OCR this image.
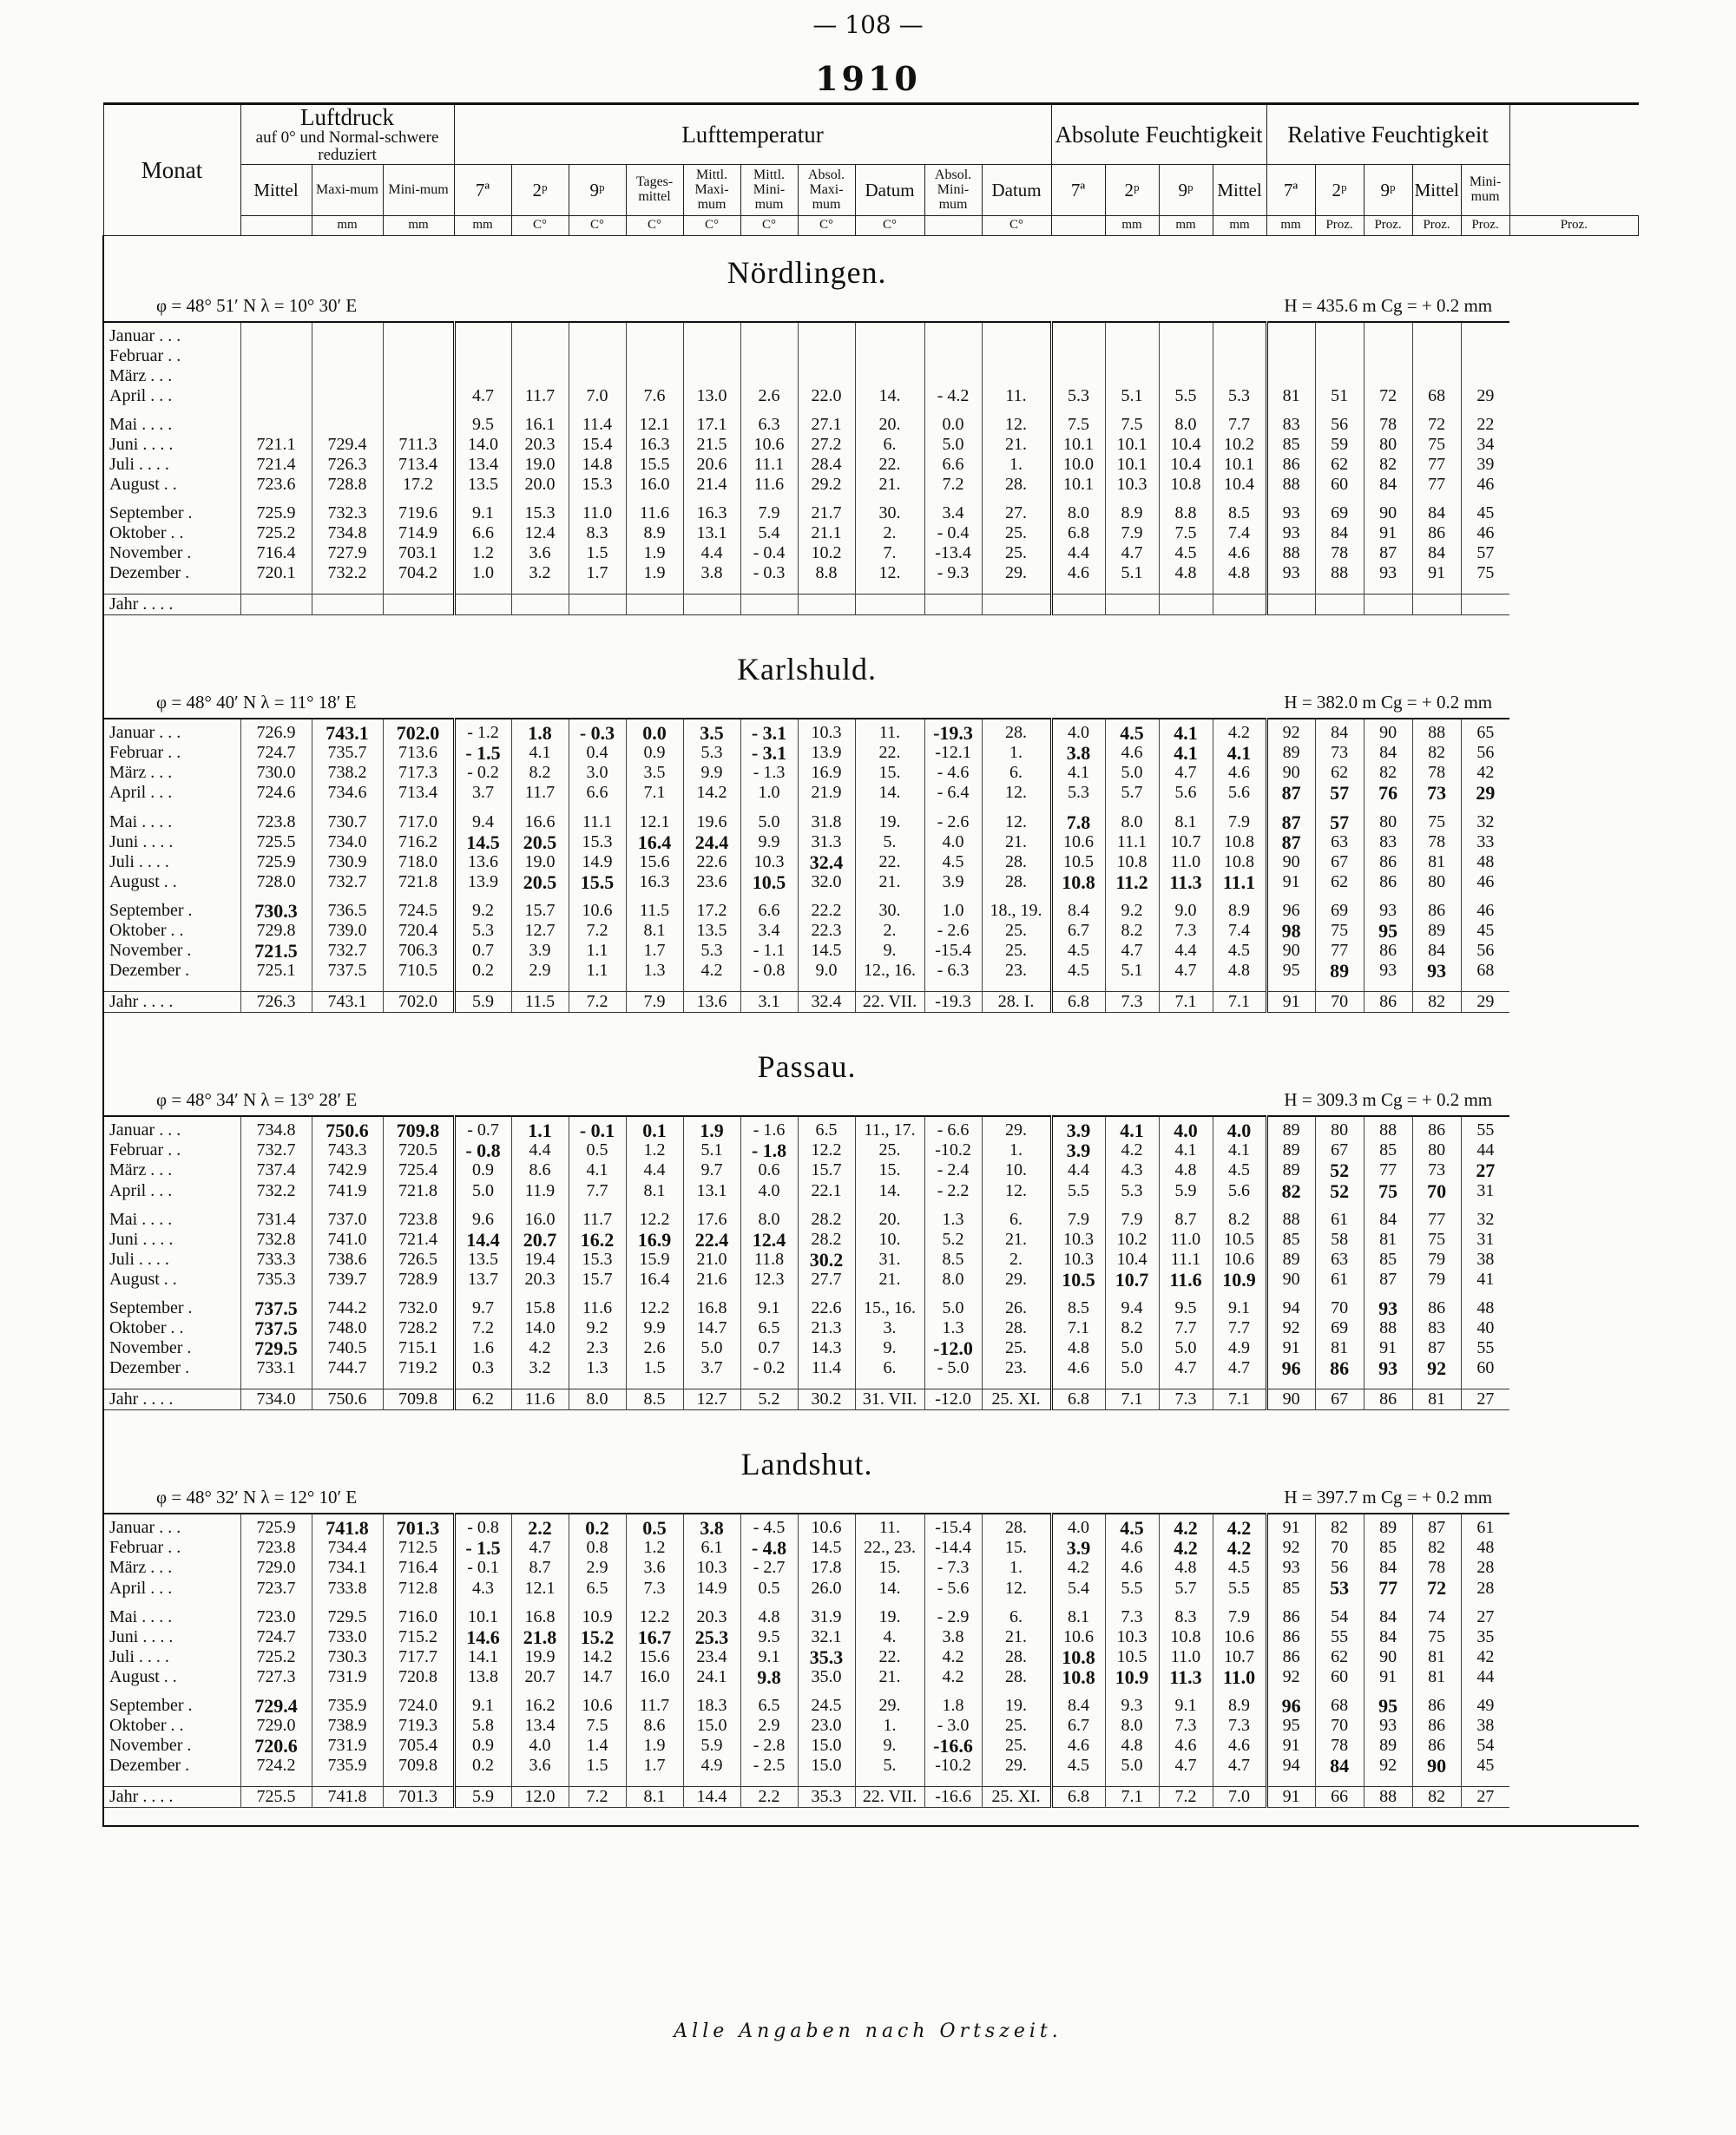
— 108 —
1910
Monat	Luftdruck
auf 0° und Normal-schwere reduziert			Lufttemperatur										Absolute Feuchtigkeit				Relative Feuchtigkeit					
	Mittel	Maxi-mum	Mini-mum	7ª	2ᵖ	9ᵖ	Tages-mittel	Mittl. Maxi-mum	Mittl. Mini-mum	Absol. Maxi-mum	Datum	Absol. Mini-mum	Datum	7ª	2ᵖ	9ᵖ	Mittel	7ª	2ᵖ	9ᵖ	Mittel	Mini-mum	
		mm	mm	mm	C°	C°	C°	C°	C°	C°	C°		C°		mm	mm	mm	mm	Proz.	Proz.	Proz.	Proz.	Proz.
Nördlingen.																							
φ = 48° 51′ N λ = 10° 30′ E								H = 435.6 m Cg = + 0.2 mm															

Januar . . .																							
Februar . .																							
März . . .																							
April . . .				4.7	11.7	7.0	7.6	13.0	2.6	22.0	14.	- 4.2	11.	5.3	5.1	5.5	5.3	81	51	72	68	29	

Mai . . . .				9.5	16.1	11.4	12.1	17.1	6.3	27.1	20.	0.0	12.	7.5	7.5	8.0	7.7	83	56	78	72	22	
Juni . . . .	721.1	729.4	711.3	14.0	20.3	15.4	16.3	21.5	10.6	27.2	6.	5.0	21.	10.1	10.1	10.4	10.2	85	59	80	75	34	
Juli . . . .	721.4	726.3	713.4	13.4	19.0	14.8	15.5	20.6	11.1	28.4	22.	6.6	1.	10.0	10.1	10.4	10.1	86	62	82	77	39	
August . .	723.6	728.8	17.2	13.5	20.0	15.3	16.0	21.4	11.6	29.2	21.	7.2	28.	10.1	10.3	10.8	10.4	88	60	84	77	46	

September .	725.9	732.3	719.6	9.1	15.3	11.0	11.6	16.3	7.9	21.7	30.	3.4	27.	8.0	8.9	8.8	8.5	93	69	90	84	45	
Oktober . .	725.2	734.8	714.9	6.6	12.4	8.3	8.9	13.1	5.4	21.1	2.	- 0.4	25.	6.8	7.9	7.5	7.4	93	84	91	86	46	
November .	716.4	727.9	703.1	1.2	3.6	1.5	1.9	4.4	- 0.4	10.2	7.	-13.4	25.	4.4	4.7	4.5	4.6	88	78	87	84	57	
Dezember .	720.1	732.2	704.2	1.0	3.2	1.7	1.9	3.8	- 0.3	8.8	12.	- 9.3	29.	4.6	5.1	4.8	4.8	93	88	93	91	75	

Jahr . . . .																							

Karlshuld.																							
φ = 48° 40′ N λ = 11° 18′ E								H = 382.0 m Cg = + 0.2 mm															

Januar . . .	726.9	743.1	702.0	- 1.2	1.8	- 0.3	0.0	3.5	- 3.1	10.3	11.	-19.3	28.	4.0	4.5	4.1	4.2	92	84	90	88	65	
Februar . .	724.7	735.7	713.6	- 1.5	4.1	0.4	0.9	5.3	- 3.1	13.9	22.	-12.1	1.	3.8	4.6	4.1	4.1	89	73	84	82	56	
März . . .	730.0	738.2	717.3	- 0.2	8.2	3.0	3.5	9.9	- 1.3	16.9	15.	- 4.6	6.	4.1	5.0	4.7	4.6	90	62	82	78	42	
April . . .	724.6	734.6	713.4	3.7	11.7	6.6	7.1	14.2	1.0	21.9	14.	- 6.4	12.	5.3	5.7	5.6	5.6	87	57	76	73	29	

Mai . . . .	723.8	730.7	717.0	9.4	16.6	11.1	12.1	19.6	5.0	31.8	19.	- 2.6	12.	7.8	8.0	8.1	7.9	87	57	80	75	32	
Juni . . . .	725.5	734.0	716.2	14.5	20.5	15.3	16.4	24.4	9.9	31.3	5.	4.0	21.	10.6	11.1	10.7	10.8	87	63	83	78	33	
Juli . . . .	725.9	730.9	718.0	13.6	19.0	14.9	15.6	22.6	10.3	32.4	22.	4.5	28.	10.5	10.8	11.0	10.8	90	67	86	81	48	
August . .	728.0	732.7	721.8	13.9	20.5	15.5	16.3	23.6	10.5	32.0	21.	3.9	28.	10.8	11.2	11.3	11.1	91	62	86	80	46	

September .	730.3	736.5	724.5	9.2	15.7	10.6	11.5	17.2	6.6	22.2	30.	1.0	18., 19.	8.4	9.2	9.0	8.9	96	69	93	86	46	
Oktober . .	729.8	739.0	720.4	5.3	12.7	7.2	8.1	13.5	3.4	22.3	2.	- 2.6	25.	6.7	8.2	7.3	7.4	98	75	95	89	45	
November .	721.5	732.7	706.3	0.7	3.9	1.1	1.7	5.3	- 1.1	14.5	9.	-15.4	25.	4.5	4.7	4.4	4.5	90	77	86	84	56	
Dezember .	725.1	737.5	710.5	0.2	2.9	1.1	1.3	4.2	- 0.8	9.0	12., 16.	- 6.3	23.	4.5	5.1	4.7	4.8	95	89	93	93	68	

Jahr . . . .	726.3	743.1	702.0	5.9	11.5	7.2	7.9	13.6	3.1	32.4	22. VII.	-19.3	28. I.	6.8	7.3	7.1	7.1	91	70	86	82	29	

Passau.																							
φ = 48° 34′ N λ = 13° 28′ E								H = 309.3 m Cg = + 0.2 mm															

Januar . . .	734.8	750.6	709.8	- 0.7	1.1	- 0.1	0.1	1.9	- 1.6	6.5	11., 17.	- 6.6	29.	3.9	4.1	4.0	4.0	89	80	88	86	55	
Februar . .	732.7	743.3	720.5	- 0.8	4.4	0.5	1.2	5.1	- 1.8	12.2	25.	-10.2	1.	3.9	4.2	4.1	4.1	89	67	85	80	44	
März . . .	737.4	742.9	725.4	0.9	8.6	4.1	4.4	9.7	0.6	15.7	15.	- 2.4	10.	4.4	4.3	4.8	4.5	89	52	77	73	27	
April . . .	732.2	741.9	721.8	5.0	11.9	7.7	8.1	13.1	4.0	22.1	14.	- 2.2	12.	5.5	5.3	5.9	5.6	82	52	75	70	31	

Mai . . . .	731.4	737.0	723.8	9.6	16.0	11.7	12.2	17.6	8.0	28.2	20.	1.3	6.	7.9	7.9	8.7	8.2	88	61	84	77	32	
Juni . . . .	732.8	741.0	721.4	14.4	20.7	16.2	16.9	22.4	12.4	28.2	10.	5.2	21.	10.3	10.2	11.0	10.5	85	58	81	75	31	
Juli . . . .	733.3	738.6	726.5	13.5	19.4	15.3	15.9	21.0	11.8	30.2	31.	8.5	2.	10.3	10.4	11.1	10.6	89	63	85	79	38	
August . .	735.3	739.7	728.9	13.7	20.3	15.7	16.4	21.6	12.3	27.7	21.	8.0	29.	10.5	10.7	11.6	10.9	90	61	87	79	41	

September .	737.5	744.2	732.0	9.7	15.8	11.6	12.2	16.8	9.1	22.6	15., 16.	5.0	26.	8.5	9.4	9.5	9.1	94	70	93	86	48	
Oktober . .	737.5	748.0	728.2	7.2	14.0	9.2	9.9	14.7	6.5	21.3	3.	1.3	28.	7.1	8.2	7.7	7.7	92	69	88	83	40	
November .	729.5	740.5	715.1	1.6	4.2	2.3	2.6	5.0	0.7	14.3	9.	-12.0	25.	4.8	5.0	5.0	4.9	91	81	91	87	55	
Dezember .	733.1	744.7	719.2	0.3	3.2	1.3	1.5	3.7	- 0.2	11.4	6.	- 5.0	23.	4.6	5.0	4.7	4.7	96	86	93	92	60	

Jahr . . . .	734.0	750.6	709.8	6.2	11.6	8.0	8.5	12.7	5.2	30.2	31. VII.	-12.0	25. XI.	6.8	7.1	7.3	7.1	90	67	86	81	27	

Landshut.																							
φ = 48° 32′ N λ = 12° 10′ E								H = 397.7 m Cg = + 0.2 mm															

Januar . . .	725.9	741.8	701.3	- 0.8	2.2	0.2	0.5	3.8	- 4.5	10.6	11.	-15.4	28.	4.0	4.5	4.2	4.2	91	82	89	87	61	
Februar . .	723.8	734.4	712.5	- 1.5	4.7	0.8	1.2	6.1	- 4.8	14.5	22., 23.	-14.4	15.	3.9	4.6	4.2	4.2	92	70	85	82	48	
März . . .	729.0	734.1	716.4	- 0.1	8.7	2.9	3.6	10.3	- 2.7	17.8	15.	- 7.3	1.	4.2	4.6	4.8	4.5	93	56	84	78	28	
April . . .	723.7	733.8	712.8	4.3	12.1	6.5	7.3	14.9	0.5	26.0	14.	- 5.6	12.	5.4	5.5	5.7	5.5	85	53	77	72	28	

Mai . . . .	723.0	729.5	716.0	10.1	16.8	10.9	12.2	20.3	4.8	31.9	19.	- 2.9	6.	8.1	7.3	8.3	7.9	86	54	84	74	27	
Juni . . . .	724.7	733.0	715.2	14.6	21.8	15.2	16.7	25.3	9.5	32.1	4.	3.8	21.	10.6	10.3	10.8	10.6	86	55	84	75	35	
Juli . . . .	725.2	730.3	717.7	14.1	19.9	14.2	15.6	23.4	9.1	35.3	22.	4.2	28.	10.8	10.5	11.0	10.7	86	62	90	81	42	
August . .	727.3	731.9	720.8	13.8	20.7	14.7	16.0	24.1	9.8	35.0	21.	4.2	28.	10.8	10.9	11.3	11.0	92	60	91	81	44	

September .	729.4	735.9	724.0	9.1	16.2	10.6	11.7	18.3	6.5	24.5	29.	1.8	19.	8.4	9.3	9.1	8.9	96	68	95	86	49	
Oktober . .	729.0	738.9	719.3	5.8	13.4	7.5	8.6	15.0	2.9	23.0	1.	- 3.0	25.	6.7	8.0	7.3	7.3	95	70	93	86	38	
November .	720.6	731.9	705.4	0.9	4.0	1.4	1.9	5.9	- 2.8	15.0	9.	-16.6	25.	4.6	4.8	4.6	4.6	91	78	89	86	54	
Dezember .	724.2	735.9	709.8	0.2	3.6	1.5	1.7	4.9	- 2.5	15.0	5.	-10.2	29.	4.5	5.0	4.7	4.7	94	84	92	90	45	

Jahr . . . .	725.5	741.8	701.3	5.9	12.0	7.2	8.1	14.4	2.2	35.3	22. VII.	-16.6	25. XI.	6.8	7.1	7.2	7.0	91	66	88	82	27	

Alle Angaben nach Ortszeit.
